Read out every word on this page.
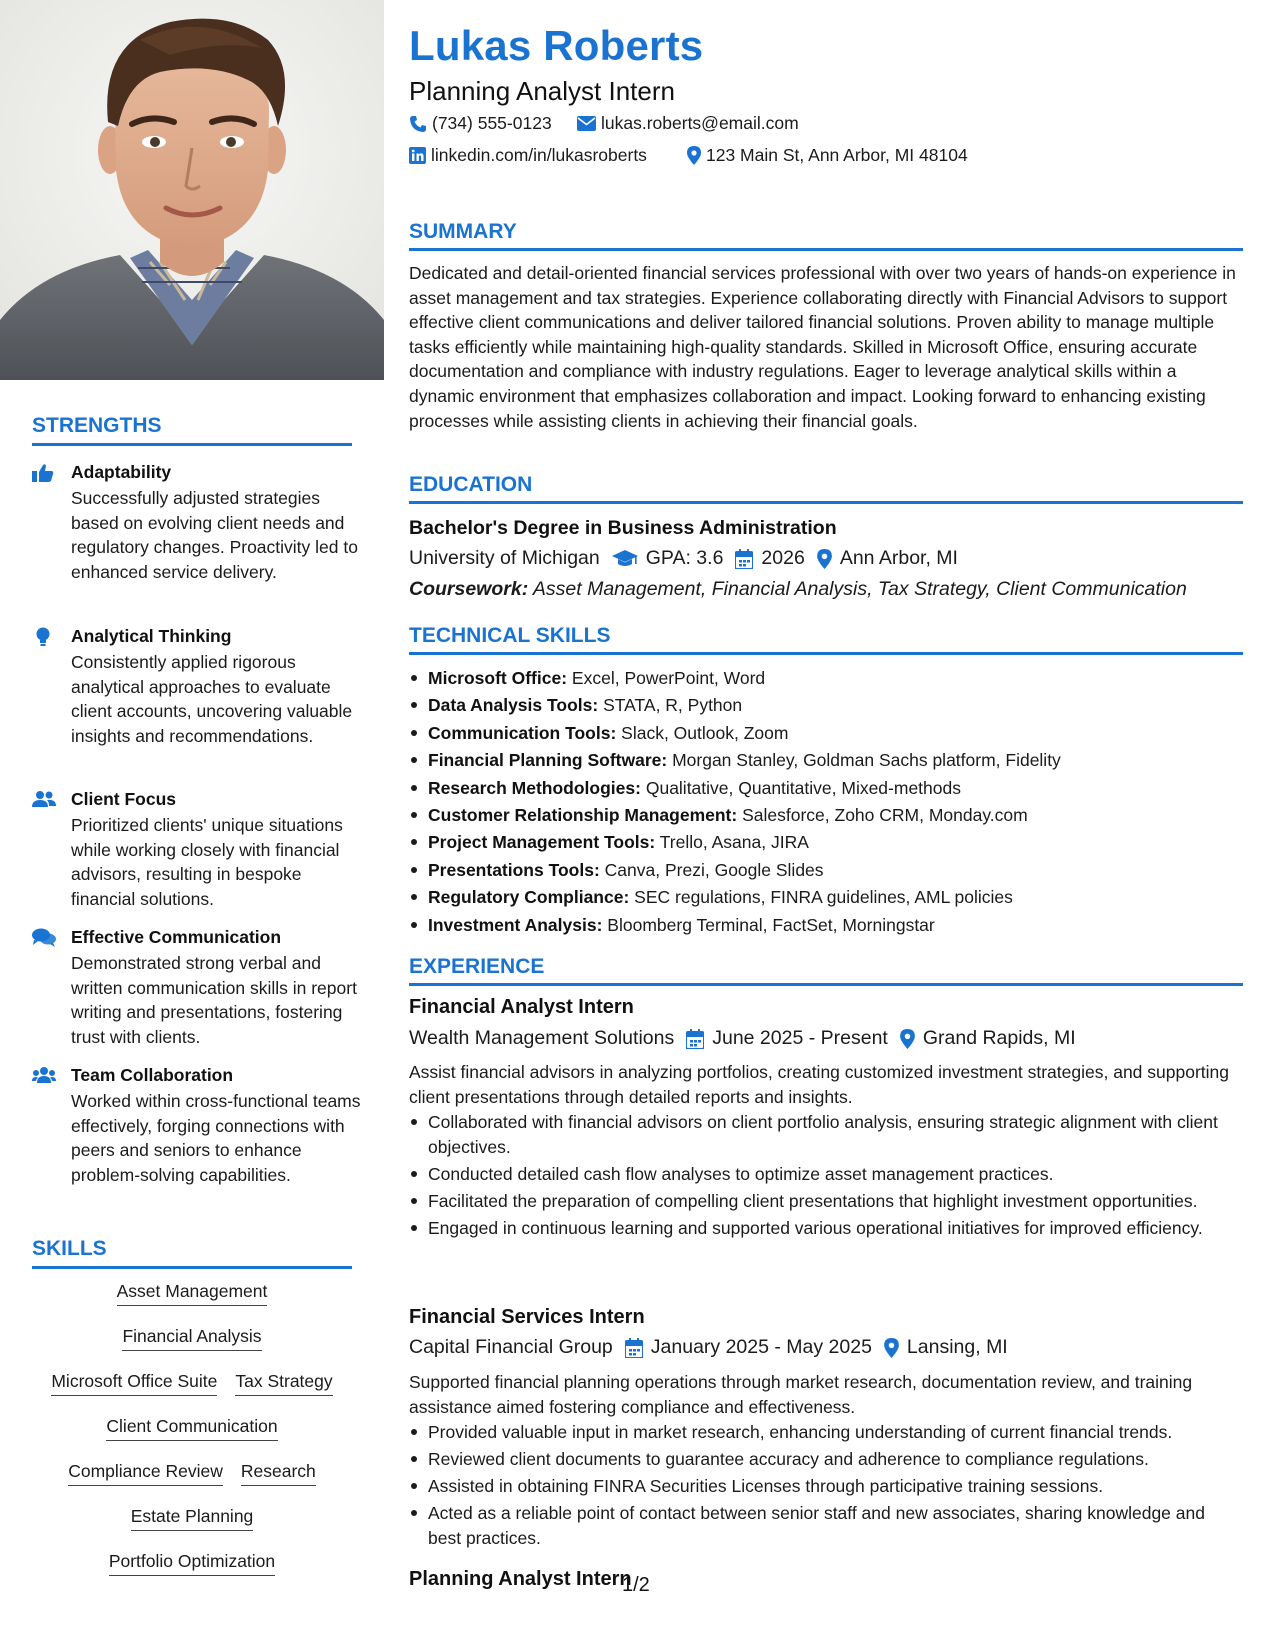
STRENGTHS
Adaptability
Successfully adjusted strategies based on evolving client needs and regulatory changes. Proactivity led to enhanced service delivery.
Analytical Thinking
Consistently applied rigorous analytical approaches to evaluate client accounts, uncovering valuable insights and recommendations.
Client Focus
Prioritized clients' unique situations while working closely with financial advisors, resulting in bespoke financial solutions.
Effective Communication
Demonstrated strong verbal and written communication skills in report writing and presentations, fostering trust with clients.
Team Collaboration
Worked within cross-functional teams effectively, forging connections with peers and seniors to enhance problem-solving capabilities.
SKILLS
Asset Management
Financial Analysis
Microsoft Office Suite Tax Strategy
Client Communication
Compliance Review Research
Estate Planning
Portfolio Optimization
Lukas Roberts
Planning Analyst Intern
(734) 555-0123	lukas.roberts@email.com
linkedin.com/in/lukasroberts	123 Main St, Ann Arbor, MI 48104
SUMMARY
Dedicated and detail-oriented financial services professional with over two years of hands-on experience in asset management and tax strategies. Experience collaborating directly with Financial Advisors to support effective client communications and deliver tailored financial solutions. Proven ability to manage multiple tasks efficiently while maintaining high-quality standards. Skilled in Microsoft Office, ensuring accurate documentation and compliance with industry regulations. Eager to leverage analytical skills within a dynamic environment that emphasizes collaboration and impact. Looking forward to enhancing existing processes while assisting clients in achieving their financial goals.
EDUCATION
Bachelor's Degree in Business Administration
University of Michigan GPA: 3.6 2026 Ann Arbor, MI
Coursework: Asset Management, Financial Analysis, Tax Strategy, Client Communication
TECHNICAL SKILLS
Microsoft Office: Excel, PowerPoint, Word
Data Analysis Tools: STATA, R, Python
Communication Tools: Slack, Outlook, Zoom
Financial Planning Software: Morgan Stanley, Goldman Sachs platform, Fidelity
Research Methodologies: Qualitative, Quantitative, Mixed-methods
Customer Relationship Management: Salesforce, Zoho CRM, Monday.com
Project Management Tools: Trello, Asana, JIRA
Presentations Tools: Canva, Prezi, Google Slides
Regulatory Compliance: SEC regulations, FINRA guidelines, AML policies
Investment Analysis: Bloomberg Terminal, FactSet, Morningstar
EXPERIENCE
Financial Analyst Intern
Wealth Management Solutions June 2025 - Present Grand Rapids, MI
Assist financial advisors in analyzing portfolios, creating customized investment strategies, and supporting client presentations through detailed reports and insights.
Collaborated with financial advisors on client portfolio analysis, ensuring strategic alignment with client objectives.
Conducted detailed cash flow analyses to optimize asset management practices.
Facilitated the preparation of compelling client presentations that highlight investment opportunities.
Engaged in continuous learning and supported various operational initiatives for improved efficiency.
Financial Services Intern
Capital Financial Group January 2025 - May 2025 Lansing, MI
Supported financial planning operations through market research, documentation review, and training assistance aimed fostering compliance and effectiveness.
Provided valuable input in market research, enhancing understanding of current financial trends.
Reviewed client documents to guarantee accuracy and adherence to compliance regulations.
Assisted in obtaining FINRA Securities Licenses through participative training sessions.
Acted as a reliable point of contact between senior staff and new associates, sharing knowledge and best practices.
Planning Analyst Intern
1/2
